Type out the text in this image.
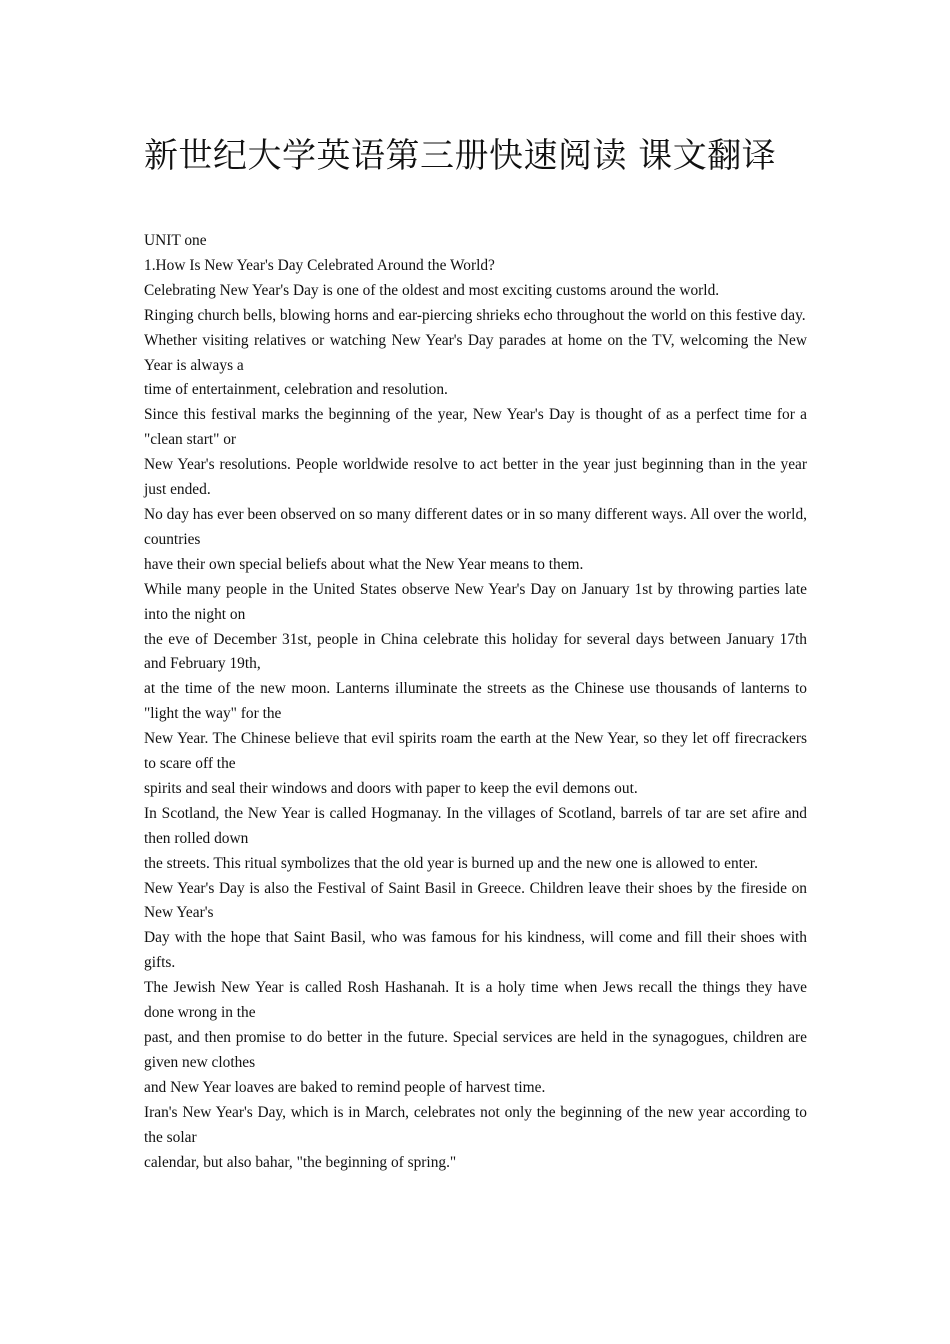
新世纪大学英语第三册快速阅读 课文翻译

UNIT one

1.How Is New Year's Day Celebrated Around the World?

Celebrating New Year's Day is one of the oldest and most exciting customs around the world.

Ringing church bells, blowing horns and ear-piercing shrieks echo throughout the world on this festive day.

Whether visiting relatives or watching New Year's Day parades at home on the TV, welcoming the New Year is always a

time of entertainment, celebration and resolution.

Since this festival marks the beginning of the year, New Year's Day is thought of as a perfect time for a "clean start" or

New Year's resolutions. People worldwide resolve to act better in the year just beginning than in the year just ended.

No day has ever been observed on so many different dates or in so many different ways. All over the world, countries

have their own special beliefs about what the New Year means to them.

While many people in the United States observe New Year's Day on January 1st by throwing parties late into the night on

the eve of December 31st, people in China celebrate this holiday for several days between January 17th and February 19th,

at the time of the new moon. Lanterns illuminate the streets as the Chinese use thousands of lanterns to "light the way" for the

New Year. The Chinese believe that evil spirits roam the earth at the New Year, so they let off firecrackers to scare off the

spirits and seal their windows and doors with paper to keep the evil demons out.

In Scotland, the New Year is called Hogmanay. In the villages of Scotland, barrels of tar are set afire and then rolled down

the streets. This ritual symbolizes that the old year is burned up and the new one is allowed to enter.

New Year's Day is also the Festival of Saint Basil in Greece. Children leave their shoes by the fireside on New Year's

Day with the hope that Saint Basil, who was famous for his kindness, will come and fill their shoes with gifts.

The Jewish New Year is called Rosh Hashanah. It is a holy time when Jews recall the things they have done wrong in the

past, and then promise to do better in the future. Special services are held in the synagogues, children are given new clothes

and New Year loaves are baked to remind people of harvest time.

Iran's New Year's Day, which is in March, celebrates not only the beginning of the new year according to the solar

calendar, but also bahar, "the beginning of spring."
